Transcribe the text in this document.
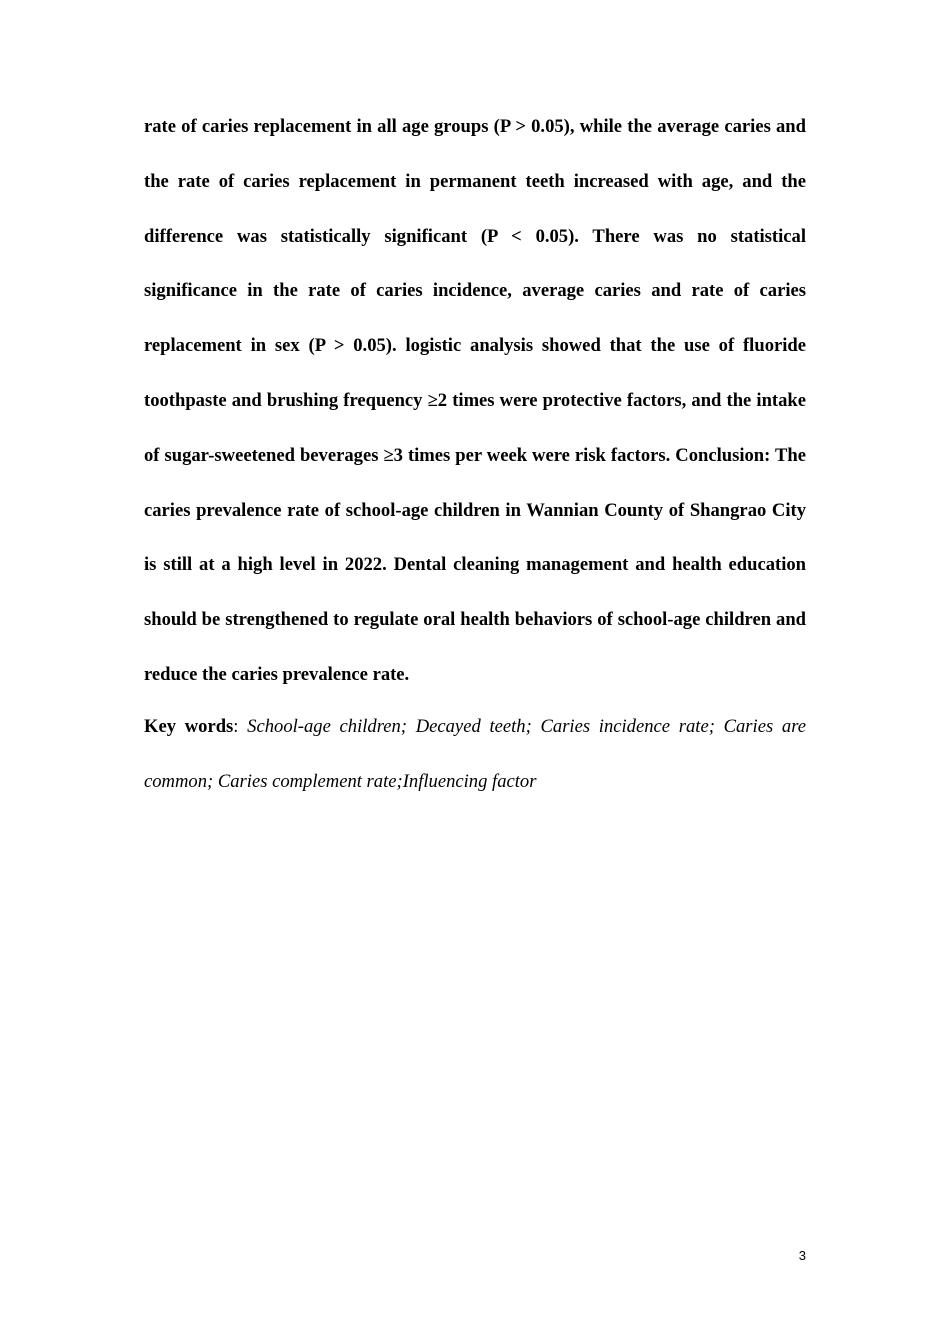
rate of caries replacement in all age groups (P > 0.05), while the average caries and the rate of caries replacement in permanent teeth increased with age, and the difference was statistically significant (P < 0.05). There was no statistical significance in the rate of caries incidence, average caries and rate of caries replacement in sex (P > 0.05). logistic analysis showed that the use of fluoride toothpaste and brushing frequency ≥2 times were protective factors, and the intake of sugar-sweetened beverages ≥3 times per week were risk factors. Conclusion: The caries prevalence rate of school-age children in Wannian County of Shangrao City is still at a high level in 2022. Dental cleaning management and health education should be strengthened to regulate oral health behaviors of school-age children and reduce the caries prevalence rate.

Key words: School-age children; Decayed teeth; Caries incidence rate; Caries are common; Caries complement rate;Influencing factor

3
